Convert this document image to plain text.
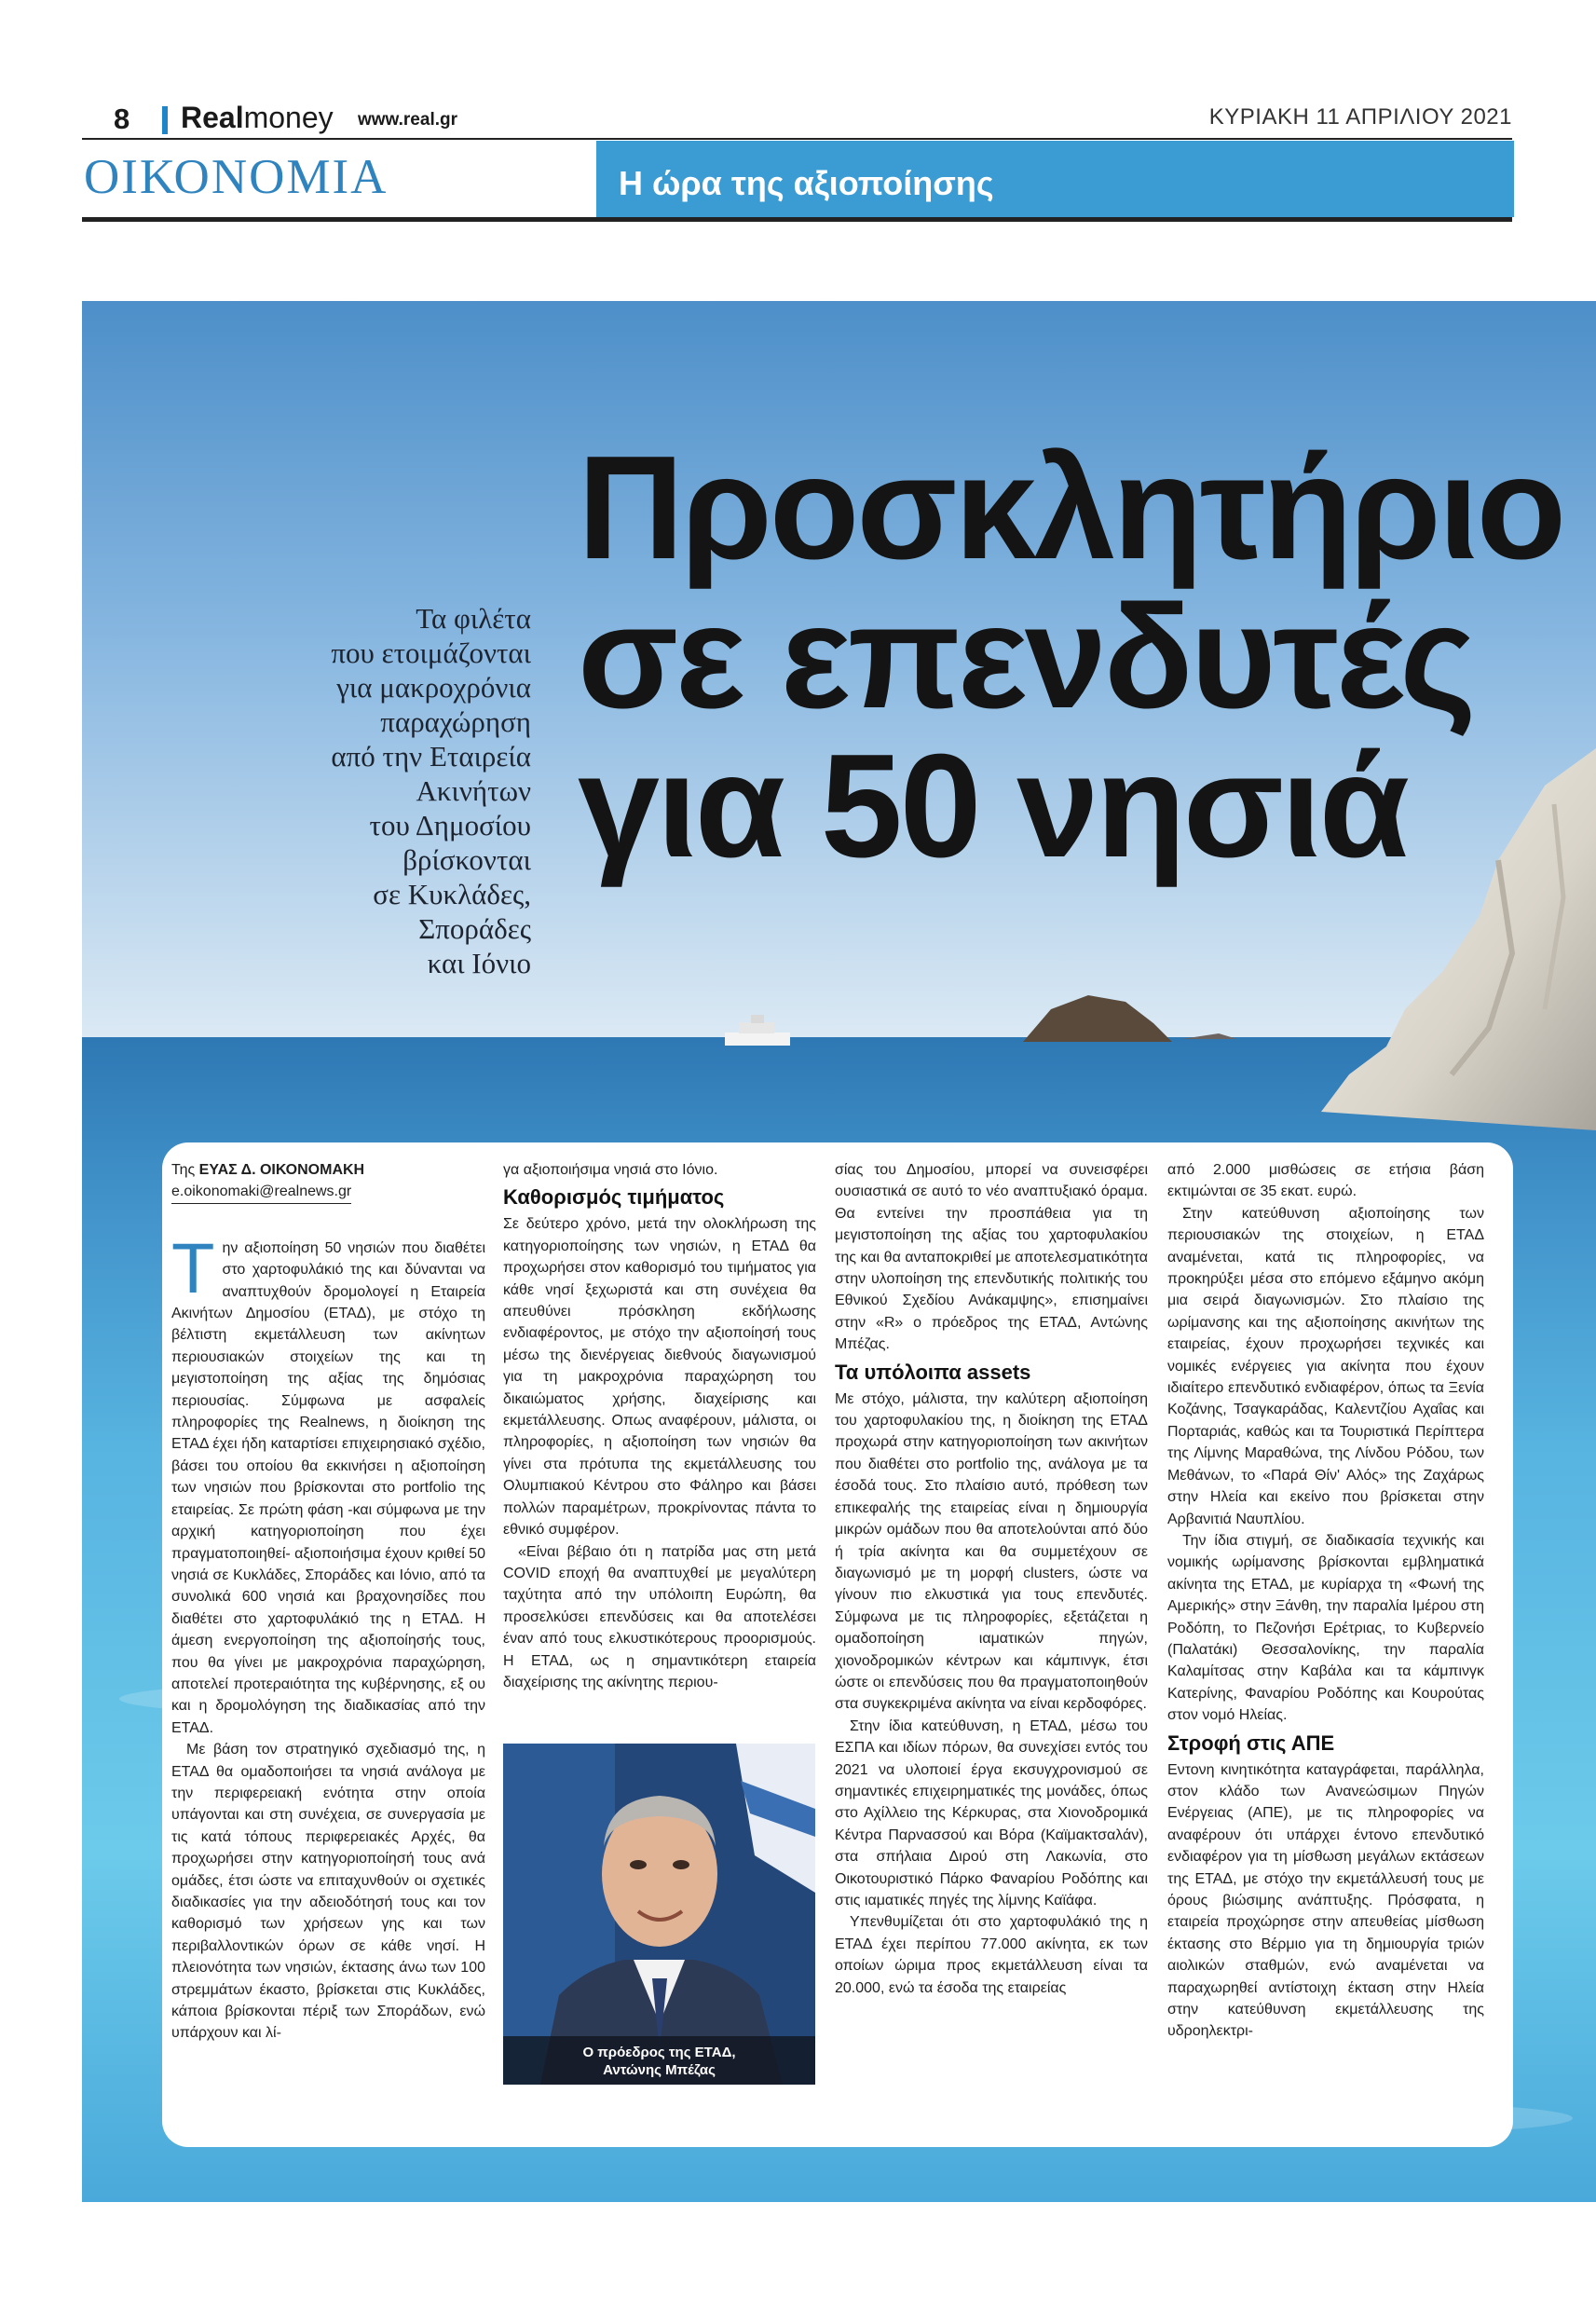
8 Realmoney www.real.gr	ΚΥΡΙΑΚΗ 11 ΑΠΡΙΛΙΟΥ 2021
ΟΙΚΟΝΟΜΙΑ	Η ώρα της αξιοποίησης
Προσκλητήριο
σε επενδυτές
για 50 νησιά
Τα φιλέτα
που ετοιμάζονται
για μακροχρόνια
παραχώρηση
από την Εταιρεία
Ακινήτων
του Δημοσίου
βρίσκονται
σε Κυκλάδες,
Σποράδες
και Ιόνιο

Της ΕΥΑΣ Δ. ΟΙΚΟΝΟΜΑΚΗ

e.oikonomaki@realnews.gr
Τ ην αξιοποίηση 50 νησιών που διαθέτει στο χαρτοφυλάκιό της και δύνανται να αναπτυχθούν δρομολογεί η Εταιρεία Ακινήτων Δημοσίου (ΕΤΑΔ), με στόχο τη βέλτιστη εκμετάλλευση των ακίνητων περιουσιακών στοιχείων της και τη μεγιστοποίηση της αξίας της δημόσιας περιουσίας. Σύμφωνα με ασφαλείς πληροφορίες της Realnews, η διοίκηση της ΕΤΑΔ έχει ήδη καταρτίσει επιχειρησιακό σχέδιο, βάσει του οποίου θα εκκινήσει η αξιοποίηση των νησιών που βρίσκονται στο portfolio της εταιρείας. Σε πρώτη φάση -και σύμφωνα με την αρχική κατηγοριοποίηση που έχει πραγματοποιηθεί- αξιοποιήσιμα έχουν κριθεί 50 νησιά σε Κυκλάδες, Σποράδες και Ιόνιο, από τα συνολικά 600 νησιά και βραχονησίδες που διαθέτει στο χαρτοφυλάκιό της η ΕΤΑΔ. Η άμεση ενεργοποίηση της αξιοποίησής τους, που θα γίνει με μακροχρόνια παραχώρηση, αποτελεί προτεραιότητα της κυβέρνησης, εξ ου και η δρομολόγηση της διαδικασίας από την ΕΤΑΔ.

Με βάση τον στρατηγικό σχεδιασμό της, η ΕΤΑΔ θα ομαδοποιήσει τα νησιά ανάλογα με την περιφερειακή ενότητα στην οποία υπάγονται και στη συνέχεια, σε συνεργασία με τις κατά τόπους περιφερειακές Αρχές, θα προχωρήσει στην κατηγοριοποίησή τους ανά ομάδες, έτσι ώστε να επιταχυνθούν οι σχετικές διαδικασίες για την αδειοδότησή τους και τον καθορισμό των χρήσεων γης και των περιβαλλοντικών όρων σε κάθε νησί. Η πλειονότητα των νησιών, έκτασης άνω των 100 στρεμμάτων έκαστο, βρίσκεται στις Κυκλάδες, κάποια βρίσκονται πέριξ των Σποράδων, ενώ υπάρχουν και λί-

γα αξιοποιήσιμα νησιά στο Ιόνιο.

Καθορισμός τιμήματος

Σε δεύτερο χρόνο, μετά την ολοκλήρωση της κατηγοριοποίησης των νησιών, η ΕΤΑΔ θα προχωρήσει στον καθορισμό του τιμήματος για κάθε νησί ξεχωριστά και στη συνέχεια θα απευθύνει πρόσκληση εκδήλωσης ενδιαφέροντος, με στόχο την αξιοποίησή τους μέσω της διενέργειας διεθνούς διαγωνισμού για τη μακροχρόνια παραχώρηση του δικαιώματος χρήσης, διαχείρισης και εκμετάλλευσης. Οπως αναφέρουν, μάλιστα, οι πληροφορίες, η αξιοποίηση των νησιών θα γίνει στα πρότυπα της εκμετάλλευσης του Ολυμπιακού Κέντρου στο Φάληρο και βάσει πολλών παραμέτρων, προκρίνοντας πάντα το εθνικό συμφέρον.

«Είναι βέβαιο ότι η πατρίδα μας στη μετά COVID εποχή θα αναπτυχθεί με μεγαλύτερη ταχύτητα από την υπόλοιπη Ευρώπη, θα προσελκύσει επενδύσεις και θα αποτελέσει έναν από τους ελκυστικότερους προορισμούς. Η ΕΤΑΔ, ως η σημαντικότερη εταιρεία διαχείρισης της ακίνητης περιου-

Ο πρόεδρος της ΕΤΑΔ,
Αντώνης Μπέζας

σίας του Δημοσίου, μπορεί να συνεισφέρει ουσιαστικά σε αυτό το νέο αναπτυξιακό όραμα. Θα εντείνει την προσπάθεια για τη μεγιστοποίηση της αξίας του χαρτοφυλακίου της και θα ανταποκριθεί με αποτελεσματικότητα στην υλοποίηση της επενδυτικής πολιτικής του Εθνικού Σχεδίου Ανάκαμψης», επισημαίνει στην «R» ο πρόεδρος της ΕΤΑΔ, Αντώνης Μπέζας.

Τα υπόλοιπα assets

Με στόχο, μάλιστα, την καλύτερη αξιοποίηση του χαρτοφυλακίου της, η διοίκηση της ΕΤΑΔ προχωρά στην κατηγοριοποίηση των ακινήτων που διαθέτει στο portfolio της, ανάλογα με τα έσοδά τους. Στο πλαίσιο αυτό, πρόθεση των επικεφαλής της εταιρείας είναι η δημιουργία μικρών ομάδων που θα αποτελούνται από δύο ή τρία ακίνητα και θα συμμετέχουν σε διαγωνισμό με τη μορφή clusters, ώστε να γίνουν πιο ελκυστικά για τους επενδυτές. Σύμφωνα με τις πληροφορίες, εξετάζεται η ομαδοποίηση ιαματικών πηγών, χιονοδρομικών κέντρων και κάμπινγκ, έτσι ώστε οι επενδύσεις που θα πραγματοποιηθούν στα συγκεκριμένα ακίνητα να είναι κερδοφόρες.

Στην ίδια κατεύθυνση, η ΕΤΑΔ, μέσω του ΕΣΠΑ και ιδίων πόρων, θα συνεχίσει εντός του 2021 να υλοποιεί έργα εκσυγχρονισμού σε σημαντικές επιχειρηματικές της μονάδες, όπως στο Αχίλλειο της Κέρκυρας, στα Χιονοδρομικά Κέντρα Παρνασσού και Βόρα (Καϊμακτσαλάν), στα σπήλαια Διρού στη Λακωνία, στο Οικοτουριστικό Πάρκο Φαναρίου Ροδόπης και στις ιαματικές πηγές της λίμνης Καϊάφα.

Υπενθυμίζεται ότι στο χαρτοφυλάκιό της η ΕΤΑΔ έχει περίπου 77.000 ακίνητα, εκ των οποίων ώριμα προς εκμετάλλευση είναι τα 20.000, ενώ τα έσοδα της εταιρείας

από 2.000 μισθώσεις σε ετήσια βάση εκτιμώνται σε 35 εκατ. ευρώ.

Στην κατεύθυνση αξιοποίησης των περιουσιακών της στοιχείων, η ΕΤΑΔ αναμένεται, κατά τις πληροφορίες, να προκηρύξει μέσα στο επόμενο εξάμηνο ακόμη μια σειρά διαγωνισμών. Στο πλαίσιο της ωρίμανσης και της αξιοποίησης ακινήτων της εταιρείας, έχουν προχωρήσει τεχνικές και νομικές ενέργειες για ακίνητα που έχουν ιδιαίτερο επενδυτικό ενδιαφέρον, όπως τα Ξενία Κοζάνης, Τσαγκαράδας, Καλεντζίου Αχαΐας και Πορταριάς, καθώς και τα Τουριστικά Περίπτερα της Λίμνης Μαραθώνα, της Λίνδου Ρόδου, των Μεθάνων, το «Παρά Θίν' Αλός» της Ζαχάρως στην Ηλεία και εκείνο που βρίσκεται στην Αρβανιτιά Ναυπλίου.

Την ίδια στιγμή, σε διαδικασία τεχνικής και νομικής ωρίμανσης βρίσκονται εμβληματικά ακίνητα της ΕΤΑΔ, με κυρίαρχα τη «Φωνή της Αμερικής» στην Ξάνθη, την παραλία Ιμέρου στη Ροδόπη, το Πεζονήσι Ερέτριας, το Κυβερνείο (Παλατάκι) Θεσσαλονίκης, την παραλία Καλαμίτσας στην Καβάλα και τα κάμπινγκ Κατερίνης, Φαναρίου Ροδόπης και Κουρούτας στον νομό Ηλείας.

Στροφή στις ΑΠΕ

Εντονη κινητικότητα καταγράφεται, παράλληλα, στον κλάδο των Ανανεώσιμων Πηγών Ενέργειας (ΑΠΕ), με τις πληροφορίες να αναφέρουν ότι υπάρχει έντονο επενδυτικό ενδιαφέρον για τη μίσθωση μεγάλων εκτάσεων της ΕΤΑΔ, με στόχο την εκμετάλλευσή τους με όρους βιώσιμης ανάπτυξης. Πρόσφατα, η εταιρεία προχώρησε στην απευθείας μίσθωση έκτασης στο Βέρμιο για τη δημιουργία τριών αιολικών σταθμών, ενώ αναμένεται να παραχωρηθεί αντίστοιχη έκταση στην Ηλεία στην κατεύθυνση εκμετάλλευσης της υδροηλεκτρι-
